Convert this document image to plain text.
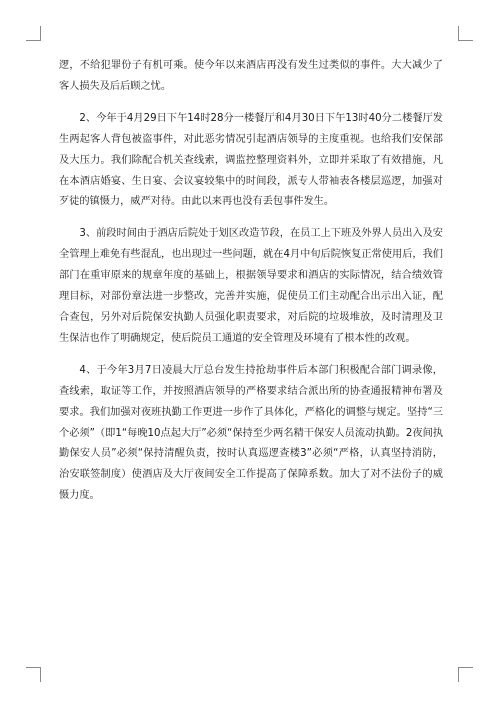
逻，不给犯罪份子有机可乘。使今年以来酒店再没有发生过类似的事件。大大减少了客人损失及后后顾之忧。

2、今年于4月29日下午14时28分一楼餐厅和4月30日下午13时40分二楼餐厅发生两起客人背包被盗事件，对此恶劣情况引起酒店领导的主度重视。也给我们安保部及大压力。我们除配合机关查线索，调监控整理资料外，立即并采取了有效措施，凡在本酒店婚宴、生日宴、会议宴较集中的时间段，派专人带袖表各楼层巡逻，加强对歹徒的镇慑力，威严对待。由此以来再也没有丢包事件发生。

3、前段时间由于酒店后院处于划区改造节段，在员工上下班及外界人员出入及安全管理上难免有些混乱，也出现过一些问题，就在4月中旬后院恢复正常使用后，我们部门在重审原来的规章年度的基础上，根据领导要求和酒店的实际情况，结合绩效管理目标，对部份章法进一步整改，完善并实施，促使员工们主动配合出示出入证，配合查包，另外对后院保安执勤人员强化职责要求，对后院的垃圾堆放，及时清理及卫生保洁也作了明确规定，使后院员工通道的安全管理及环境有了根本性的改观。

4、于今年3月7日凌晨大厅总台发生持抢劫事件后本部门积极配合部门调录像，查线索，取证等工作，并按照酒店领导的严格要求结合派出所的协查通报精神布署及要求。我们加强对夜班执勤工作更进一步作了具体化，严格化的调整与规定。坚持“三个必须”（即1“每晚10点起大厅”必须“保持至少两名精干保安人员流动执勤。2夜间执勤保安人员”必须“保持清醒负责，按时认真巡逻查楼3”必须“严格，认真坚持消防，治安联签制度）使酒店及大厅夜间安全工作提高了保障系数。加大了对不法份子的威慑力度。
